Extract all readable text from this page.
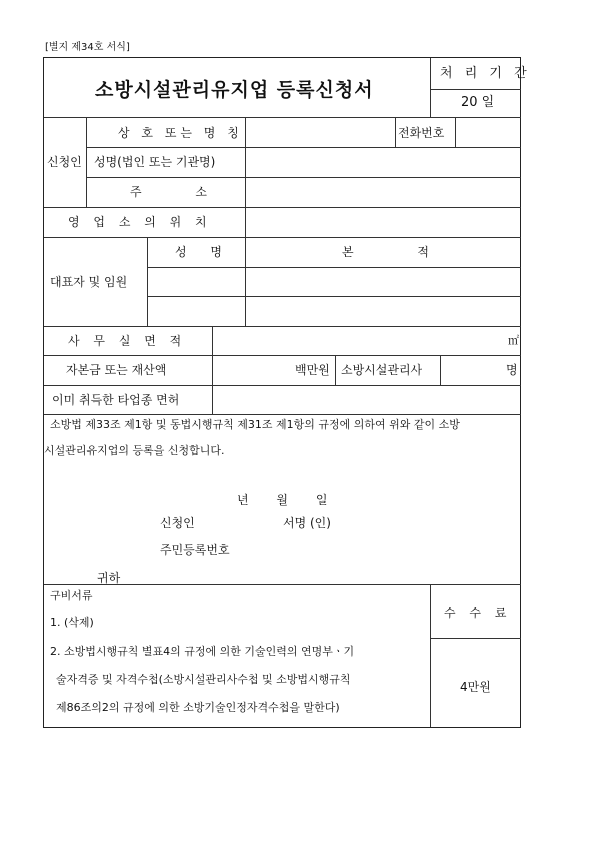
[별지 제34호 서식]
소방시설관리유지업 등록신청서
처 리 기 간
20 일
신청인
상 호 또는 명 칭	전화번호
성명(법인 또는 기관명)
주 소
영 업 소 의 위 치
대표자 및 임원
성 명	본 적
사 무 실 면 적	㎡
자본금 또는 재산액	백만원 소방시설관리사	명
이미 취득한 타업종 면허
소방법 제33조 제1항 및 동법시행규칙 제31조 제1항의 규정에 의하여 위와 같이 소방
시설관리유지업의 등록을 신청합니다.
년 월 일
신청인	서명 (인)
주민등록번호
귀하
구비서류
1. (삭제)
2. 소방법시행규칙 별표4의 규정에 의한 기술인력의 연명부ㆍ기
술자격증 및 자격수첩(소방시설관리사수첩 및 소방법시행규칙
제86조의2의 규정에 의한 소방기술인정자격수첩을 말한다)
수 수 료
4만원
